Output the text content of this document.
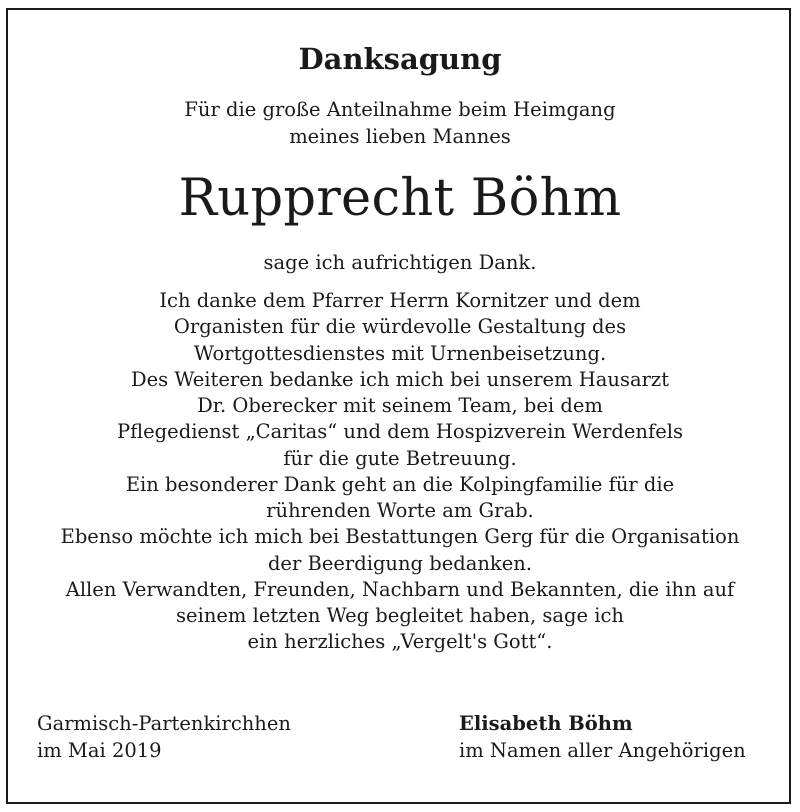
Danksagung
Für die große Anteilnahme beim Heimgang
meines lieben Mannes
Rupprecht Böhm
sage ich aufrichtigen Dank.
Ich danke dem Pfarrer Herrn Kornitzer und dem
Organisten für die würdevolle Gestaltung des
Wortgottesdienstes mit Urnenbeisetzung.
Des Weiteren bedanke ich mich bei unserem Hausarzt
Dr. Oberecker mit seinem Team, bei dem
Pflegedienst „Caritas“ und dem Hospizverein Werdenfels
für die gute Betreuung.
Ein besonderer Dank geht an die Kolpingfamilie für die
rührenden Worte am Grab.
Ebenso möchte ich mich bei Bestattungen Gerg für die Organisation
der Beerdigung bedanken.
Allen Verwandten, Freunden, Nachbarn und Bekannten, die ihn auf
seinem letzten Weg begleitet haben, sage ich
ein herzliches „Vergelt's Gott“.
Garmisch-Partenkirchhen
im Mai 2019
Elisabeth Böhm
im Namen aller Angehörigen
